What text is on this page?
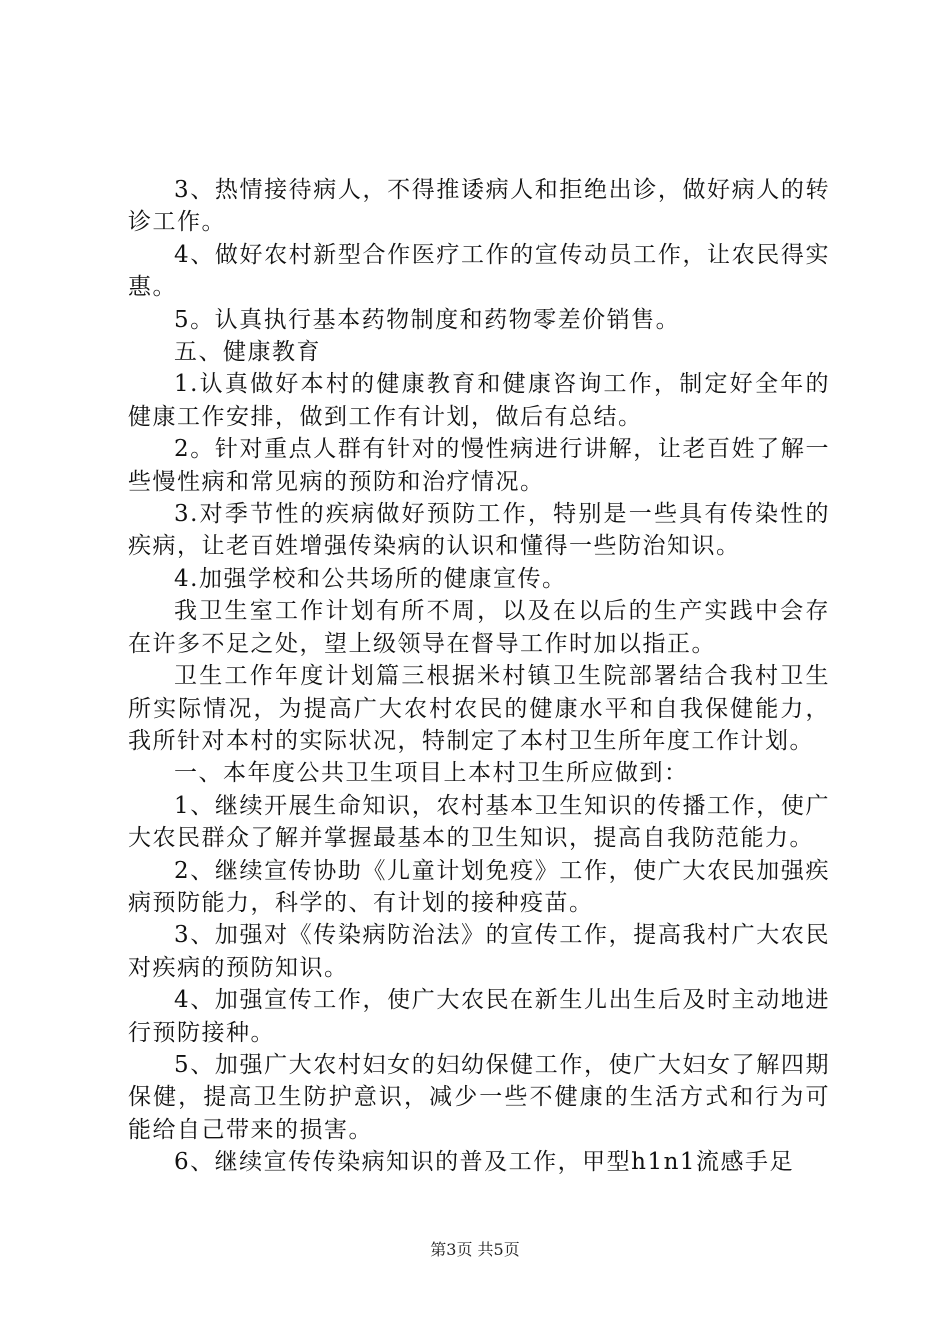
3、热情接待病人，不得推诿病人和拒绝出诊，做好病人的转诊工作。

4、做好农村新型合作医疗工作的宣传动员工作，让农民得实惠。

5。认真执行基本药物制度和药物零差价销售。

五、健康教育

1.认真做好本村的健康教育和健康咨询工作，制定好全年的健康工作安排，做到工作有计划，做后有总结。

2。针对重点人群有针对的慢性病进行讲解，让老百姓了解一些慢性病和常见病的预防和治疗情况。

3.对季节性的疾病做好预防工作，特别是一些具有传染性的疾病，让老百姓增强传染病的认识和懂得一些防治知识。

4.加强学校和公共场所的健康宣传。

我卫生室工作计划有所不周，以及在以后的生产实践中会存在许多不足之处，望上级领导在督导工作时加以指正。

卫生工作年度计划篇三根据米村镇卫生院部署结合我村卫生所实际情况，为提高广大农村农民的健康水平和自我保健能力，我所针对本村的实际状况，特制定了本村卫生所年度工作计划。

一、本年度公共卫生项目上本村卫生所应做到：

1、继续开展生命知识，农村基本卫生知识的传播工作，使广大农民群众了解并掌握最基本的卫生知识，提高自我防范能力。

2、继续宣传协助《儿童计划免疫》工作，使广大农民加强疾病预防能力，科学的、有计划的接种疫苗。

3、加强对《传染病防治法》的宣传工作，提高我村广大农民对疾病的预防知识。

4、加强宣传工作，使广大农民在新生儿出生后及时主动地进行预防接种。

5、加强广大农村妇女的妇幼保健工作，使广大妇女了解四期保健，提高卫生防护意识，减少一些不健康的生活方式和行为可能给自己带来的损害。

6、继续宣传传染病知识的普及工作，甲型h1n1流感手足

第3页 共5页
